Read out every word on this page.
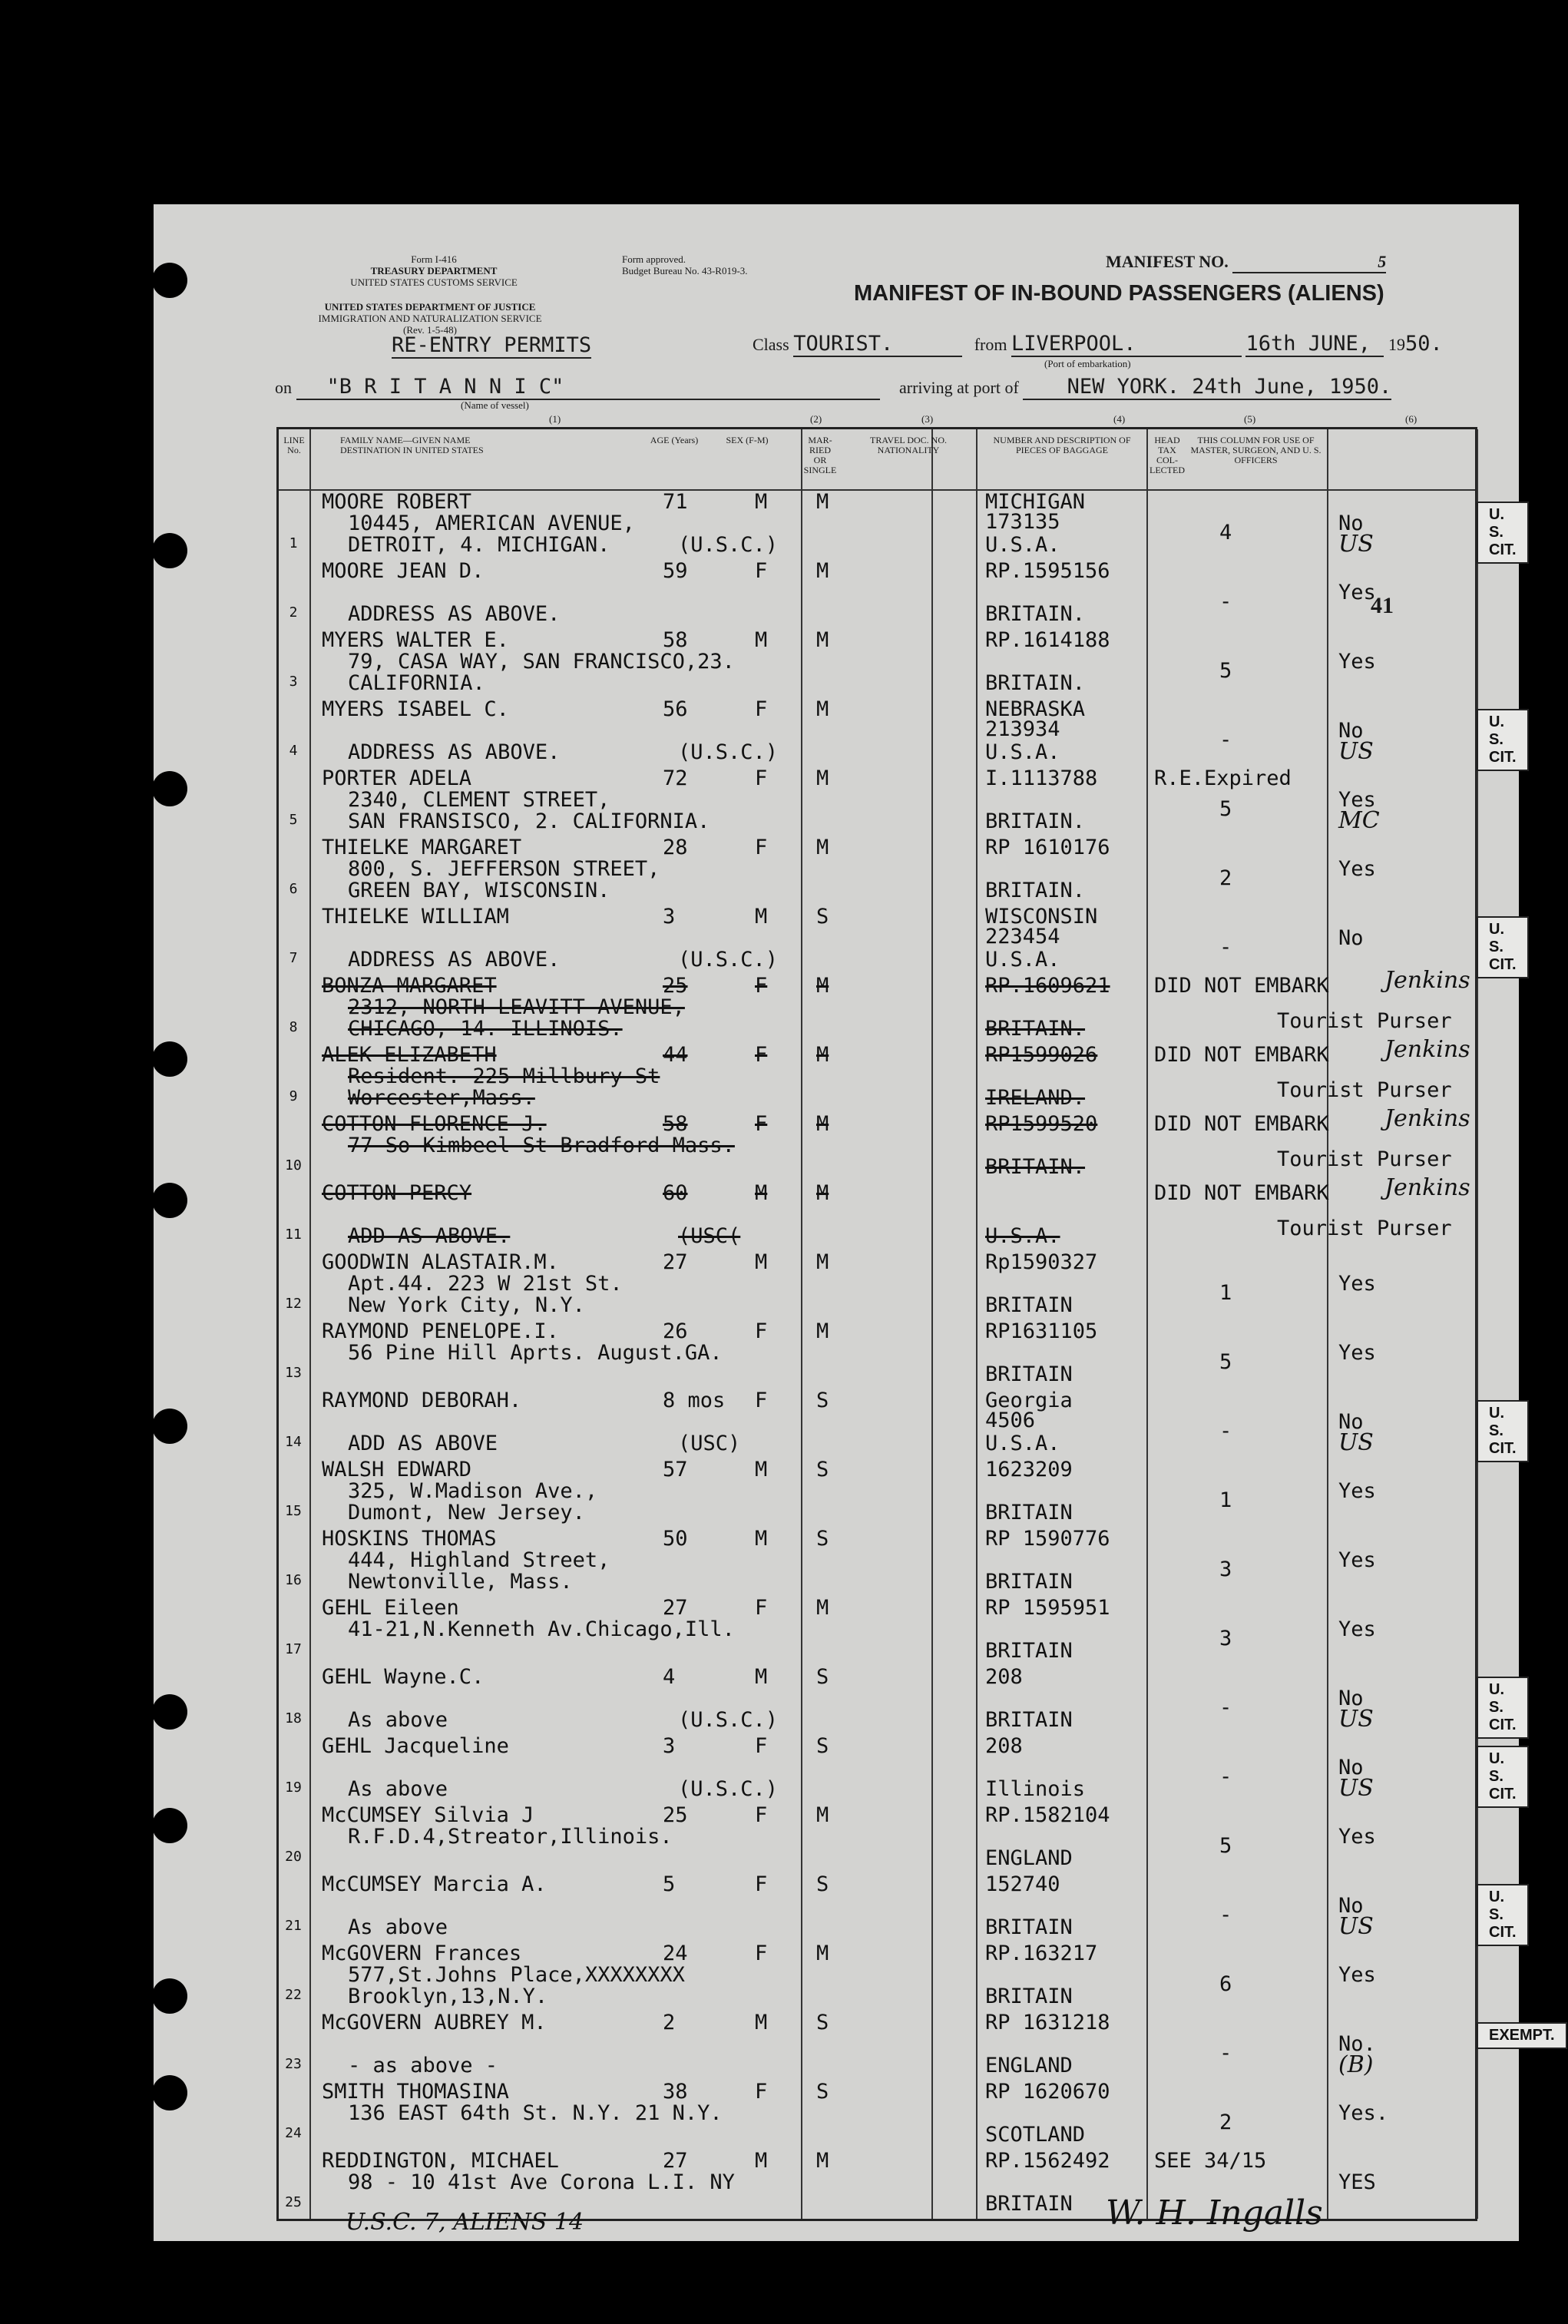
Form I-416
TREASURY DEPARTMENT
UNITED STATES CUSTOMS SERVICE
UNITED STATES DEPARTMENT OF JUSTICE
IMMIGRATION AND NATURALIZATION SERVICE
(Rev. 1-5-48)
Form approved.
Budget Bureau No. 43-R019-3.	MANIFEST NO.	5
MANIFEST OF IN-BOUND PASSENGERS (ALIENS)
RE-ENTRY PERMITS	Class TOURIST.	from LIVERPOOL.	16th JUNE, 1950.
(Port of embarkation)
on "B R I T A N N I C"	arriving at port of NEW YORK. 24th June, 1950.
(Name of vessel)
(1)	(2)	(3)	(4)	(5)	(6)
LINE No.
FAMILY NAME—GIVEN NAME DESTINATION IN UNITED STATES
AGE (Years)	SEX (F-M)	MAR-RIED OR SINGLE
TRAVEL DOC. NO. NATIONALITY
NUMBER AND DESCRIPTION OF PIECES OF BAGGAGE
HEAD TAX COL-LECTED
THIS COLUMN FOR USE OF MASTER, SURGEON, AND U. S. OFFICERS
1
MOORE ROBERT
10445, AMERICAN AVENUE,
DETROIT, 4. MICHIGAN.
71	M M
(U.S.C.)
MICHIGAN
173135
U.S.A.
4	No
US
U. S. CIT.
2
MOORE JEAN D.
ADDRESS AS ABOVE.
59	F M	RP.1595156
BRITAIN.
-	Yes
3
MYERS WALTER E.
79, CASA WAY, SAN FRANCISCO,23.
CALIFORNIA.
58	M M	RP.1614188
BRITAIN.
5	Yes
4
MYERS ISABEL C.
ADDRESS AS ABOVE.
56	F M
(U.S.C.)
NEBRASKA
213934
U.S.A.
-	No
US
U. S. CIT.
5
PORTER ADELA
2340, CLEMENT STREET,
SAN FRANSISCO, 2. CALIFORNIA.
72	F M	I.1113788
BRITAIN.
R.E.Expired
5	Yes
MC
6
THIELKE MARGARET
800, S. JEFFERSON STREET,
GREEN BAY, WISCONSIN.
28	F M	RP 1610176
BRITAIN.
2	Yes
7
THIELKE WILLIAM
ADDRESS AS ABOVE.
3	M S
(U.S.C.)
WISCONSIN
223454
U.S.A.
-	No	U. S. CIT.
8
BONZA MARGARET
2312, NORTH LEAVITT AVENUE,
CHICAGO, 14. ILLINOIS.
25	F M	RP.1609621
BRITAIN.
DID NOT EMBARK Jenkins
Tourist Purser
9
ALEK ELIZABETH
Resident. 225 Millbury St
Worcester,Mass.
44	F M	RP1599026
IRELAND.
DID NOT EMBARK Jenkins
Tourist Purser
10
COTTON FLORENCE J.
77 So Kimbeel St Bradford Mass.
58	F M	RP1599520
BRITAIN.
DID NOT EMBARK Jenkins
Tourist Purser
11
COTTON PERCY
ADD AS ABOVE.
60	M M
(USC(	U.S.A.
DID NOT EMBARK Jenkins
Tourist Purser
12
GOODWIN ALASTAIR.M.
Apt.44. 223 W 21st St.
New York City, N.Y.
27	M M	Rp1590327
BRITAIN
1	Yes
13
RAYMOND PENELOPE.I.
56 Pine Hill Aprts. August.GA.
26	F M	RP1631105
BRITAIN
5	Yes
14
RAYMOND DEBORAH.
ADD AS ABOVE
8 mos F S
(USC)
Georgia
4506
U.S.A.
-	No
US
U. S. CIT.
15
WALSH EDWARD
325, W.Madison Ave.,
Dumont, New Jersey.
57	M S	1623209
BRITAIN
1	Yes
16
HOSKINS THOMAS
444, Highland Street,
Newtonville, Mass.
50	M S	RP 1590776
BRITAIN
3	Yes
17
GEHL Eileen
41-21,N.Kenneth Av.Chicago,Ill.
27	F M	RP 1595951
BRITAIN
3	Yes
18
GEHL Wayne.C.
As above
4	M S
(U.S.C.)
208
BRITAIN
-	No
US
U. S. CIT.
19
GEHL Jacqueline
As above
3	F S
(U.S.C.)
208
Illinois
-	No
US
U. S. CIT.
20
McCUMSEY Silvia J
R.F.D.4,Streator,Illinois.
25	F M	RP.1582104
ENGLAND
5	Yes
21
McCUMSEY Marcia A.
As above
5	F S	152740
BRITAIN
-	No
US
U. S. CIT.
22
McGOVERN Frances
577,St.Johns Place,XXXXXXXX
Brooklyn,13,N.Y.
24	F M	RP.163217
BRITAIN
6	Yes
23
McGOVERN AUBREY M.
- as above -
2	M S	RP 1631218
ENGLAND
-	No.
(B)
EXEMPT.
24
SMITH THOMASINA
136 EAST 64th St. N.Y. 21 N.Y.
38	F S	RP 1620670
SCOTLAND
2	Yes.
25
REDDINGTON, MICHAEL
98 - 10 41st Ave Corona L.I. NY
27	M M	RP.1562492
BRITAIN
SEE 34/15
YES
41
U.S.C. 7, ALIENS 14	W. H. Ingalls
